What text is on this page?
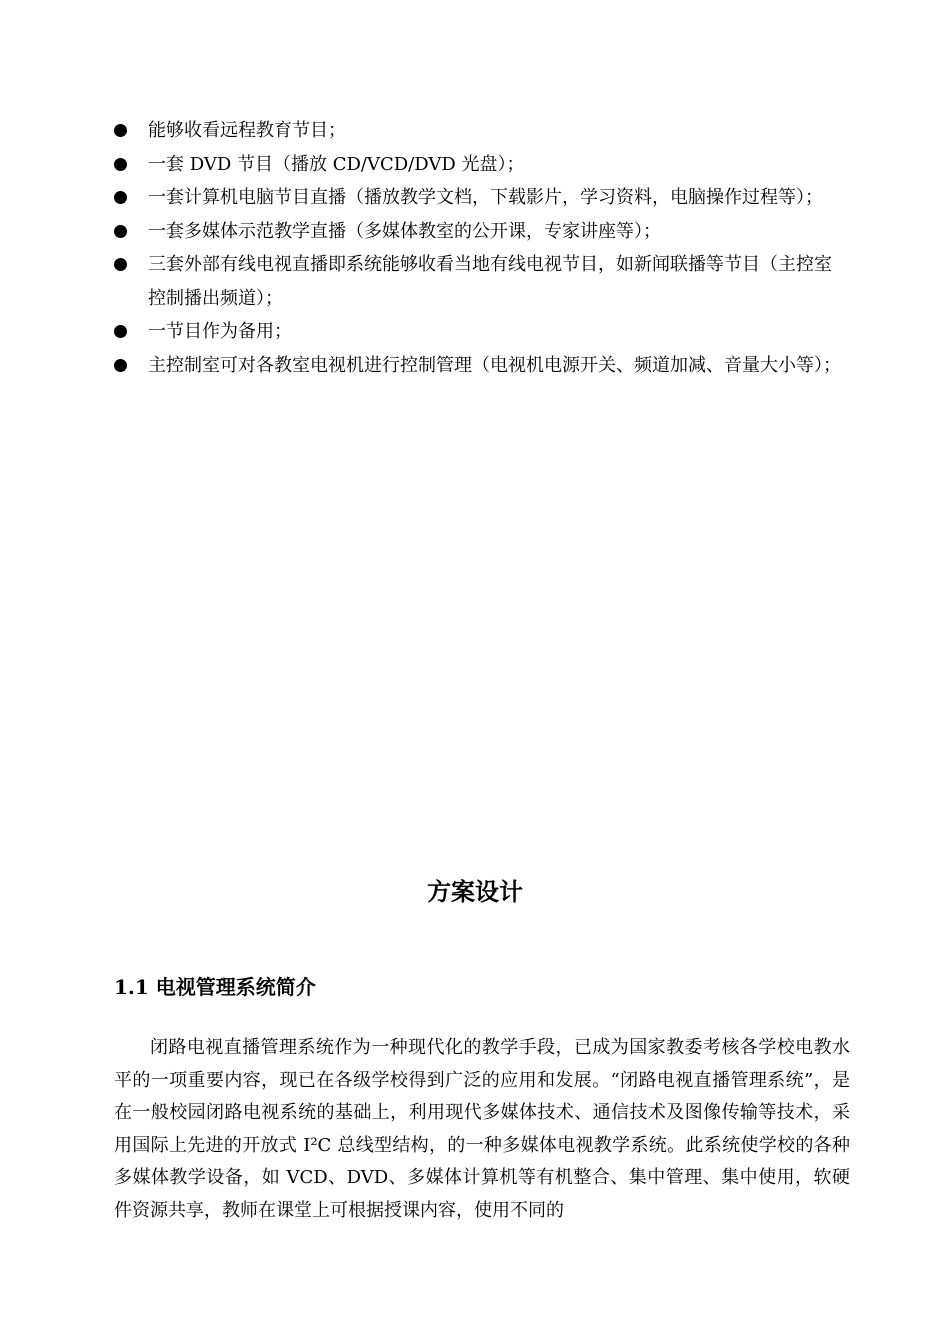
能够收看远程教育节目；
一套 DVD 节目（播放 CD/VCD/DVD 光盘）；
一套计算机电脑节目直播（播放教学文档，下载影片，学习资料，电脑操作过程等）；
一套多媒体示范教学直播（多媒体教室的公开课，专家讲座等）；
三套外部有线电视直播即系统能够收看当地有线电视节目，如新闻联播等节目（主控室控制播出频道）；
一节目作为备用；
主控制室可对各教室电视机进行控制管理（电视机电源开关、频道加减、音量大小等）；
方案设计
1.1 电视管理系统简介

闭路电视直播管理系统作为一种现代化的教学手段，已成为国家教委考核各学校电教水平的一项重要内容，现已在各级学校得到广泛的应用和发展。“闭路电视直播管理系统”，是在一般校园闭路电视系统的基础上，利用现代多媒体技术、通信技术及图像传输等技术，采用国际上先进的开放式 I²C 总线型结构，的一种多媒体电视教学系统。此系统使学校的各种多媒体教学设备，如 VCD、DVD、多媒体计算机等有机整合、集中管理、集中使用，软硬件资源共享，教师在课堂上可根据授课内容，使用不同的
